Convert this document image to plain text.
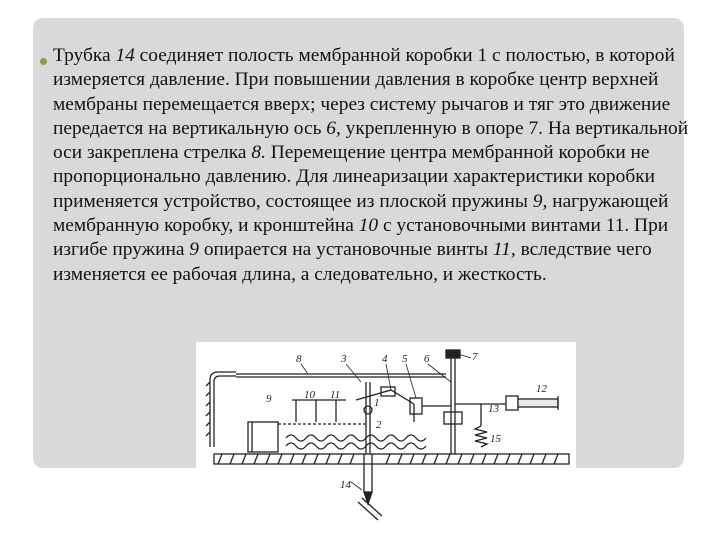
Трубка 14 соединяет полость мембранной коробки 1 с полостью, в которой измеряется давление. При повышении давления в коробке центр верхней мембраны перемещается вверх; через систему рычагов и тяг это движение передается на вертикальную ось 6, укрепленную в опоре 7. На вертикальной оси закреплена стрелка 8. Перемещение центра мембранной коробки не пропорционально давлению. Для линеаризации характеристики коробки применяется устройство, состоящее из плоской пружины 9, нагружающей мембранную коробку, и кронштейна 10 с установочными винтами 11. При изгибе пружина 9 опирается на установочные винты 11, вследствие чего изменяется ее рабочая длина, а следовательно, и жесткость.

8	3	4 5 6	7
9	10 11
1
2
12
13
14
15
